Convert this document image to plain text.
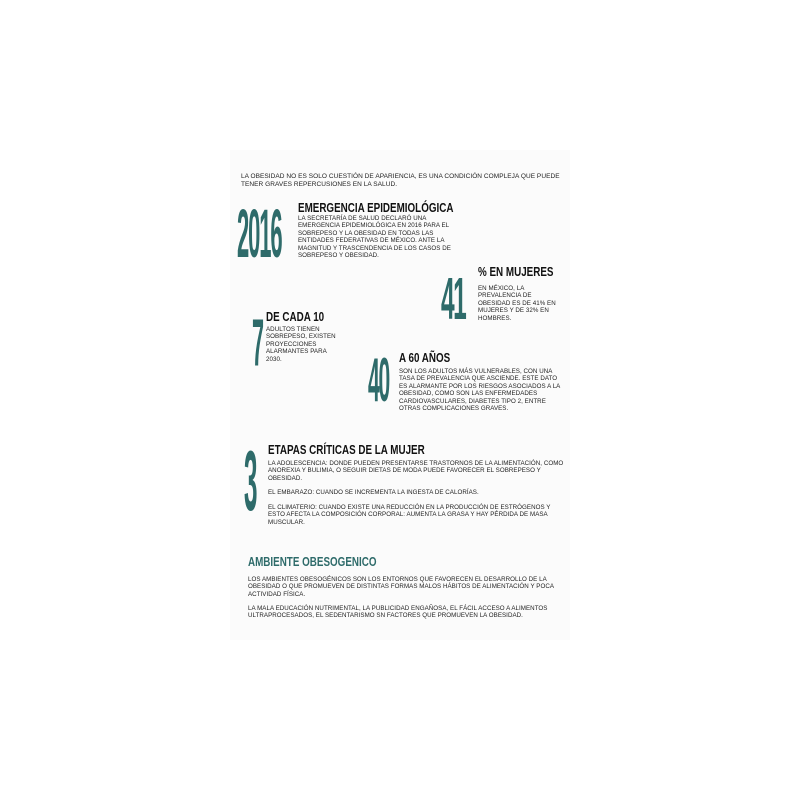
LA OBESIDAD NO ES SOLO CUESTIÓN DE APARIENCIA, ES UNA CONDICIÓN COMPLEJA QUE PUEDE TENER GRAVES REPERCUSIONES EN LA SALUD.
2016 EMERGENCIA EPIDEMIOLÓGICA
LA SECRETARÍA DE SALUD DECLARÓ UNA EMERGENCIA EPIDEMIOLÓGICA EN 2016 PARA EL SOBREPESO Y LA OBESIDAD EN TODAS LAS ENTIDADES FEDERATIVAS DE MÉXICO. ANTE LA MAGNITUD Y TRASCENDENCIA DE LOS CASOS DE SOBREPESO Y OBESIDAD.
41 % EN MUJERES
EN MÉXICO, LA PREVALENCIA DE OBESIDAD ES DE 41% EN MUJERES Y DE 32% EN HOMBRES.
7 DE CADA 10
ADULTOS TIENEN SOBREPESO, EXISTEN PROYECCIONES ALARMANTES PARA 2030.	40 A 60 AÑOS
SON LOS ADULTOS MÁS VULNERABLES, CON UNA TASA DE PREVALENCIA QUE ASCIENDE. ESTE DATO ES ALARMANTE POR LOS RIESGOS ASOCIADOS A LA OBESIDAD, COMO SON LAS ENFERMEDADES CARDIOVASCULARES, DIABETES TIPO 2, ENTRE OTRAS COMPLICACIONES GRAVES.
3 ETAPAS CRÍTICAS DE LA MUJER
LA ADOLESCENCIA: DONDE PUEDEN PRESENTARSE TRASTORNOS DE LA ALIMENTACIÓN, COMO ANOREXIA Y BULIMIA, O SEGUIR DIETAS DE MODA PUEDE FAVORECER EL SOBREPESO Y OBESIDAD.
EL EMBARAZO: CUANDO SE INCREMENTA LA INGESTA DE CALORÍAS.
EL CLIMATERIO: CUANDO EXISTE UNA REDUCCIÓN EN LA PRODUCCIÓN DE ESTRÓGENOS Y ESTO AFECTA LA COMPOSICIÓN CORPORAL: AUMENTA LA GRASA Y HAY PÉRDIDA DE MASA MUSCULAR.
AMBIENTE OBESOGENICO
LOS AMBIENTES OBESOGÉNICOS SON LOS ENTORNOS QUE FAVORECEN EL DESARROLLO DE LA OBESIDAD O QUE PROMUEVEN DE DISTINTAS FORMAS MALOS HÁBITOS DE ALIMENTACIÓN Y POCA ACTIVIDAD FÍSICA.
LA MALA EDUCACIÓN NUTRIMENTAL, LA PUBLICIDAD ENGAÑOSA, EL FÁCIL ACCESO A ALIMENTOS ULTRAPROCESADOS, EL SEDENTARISMO SN FACTORES QUE PROMUEVEN LA OBESIDAD.
